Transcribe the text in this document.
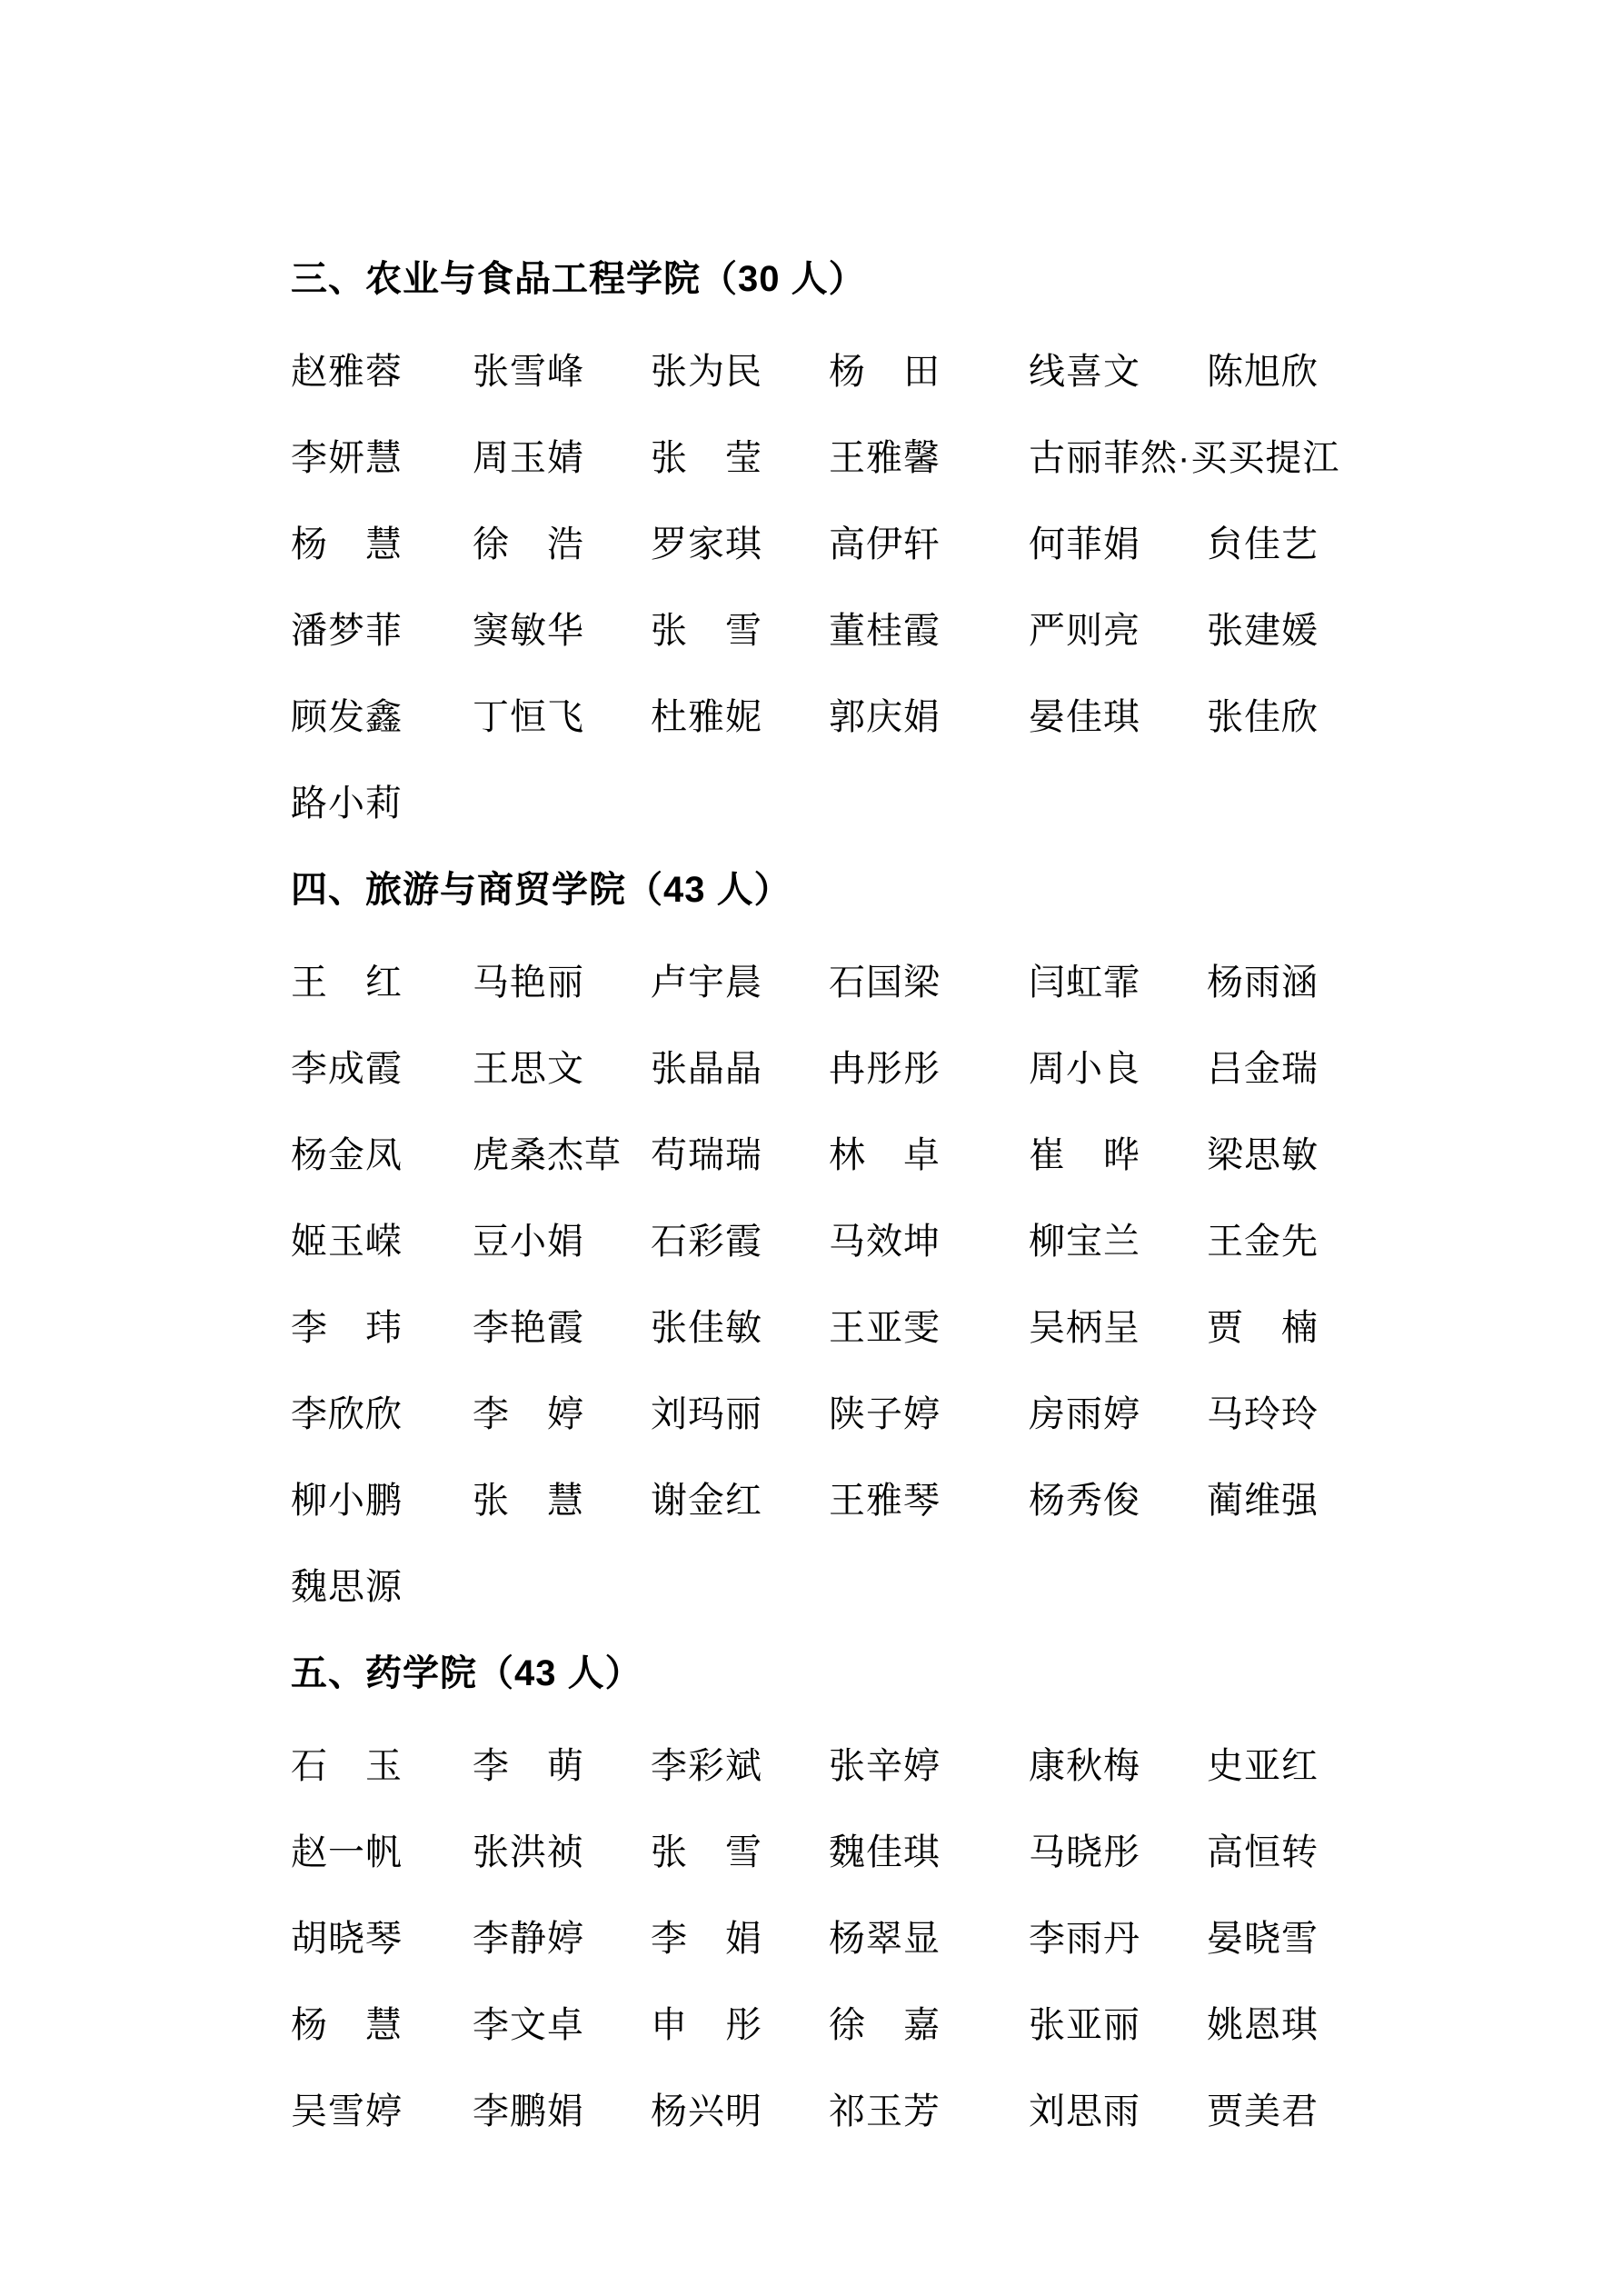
三、农业与食品工程学院（30 人）
赵雅蓉	张雪峰	张为民	杨　田	线喜文	陈旭欣
李妍慧	周玉婧	张　莹	王雅馨	古丽菲然·买买提江
杨　慧	徐　浩	罗家琪	高伊轩	何菲娟	贠佳艺
潘梦菲	窦敏华	张　雪	董桂霞	严则亮	张建媛
顾发鑫	丁恒飞	杜雅妮	郭庆娟	晏佳琪	张佳欣
路小莉
四、旅游与商贸学院（43 人）
王　红	马艳丽	卢宇晨	石国梁	闫虹霏	杨雨涵
李成霞	王思文	张晶晶	冉彤彤	周小良	吕金瑞
杨金凤	虎桑杰草 苟瑞瑞	林　卓	崔　晔	梁思敏
姬玉嵘	豆小娟	石彩霞	马效坤	柳宝兰	王金先
李　玮	李艳霞	张佳敏	王亚雯	吴柄呈	贾　楠
李欣欣	李　婷	刘玛丽	陕子婷	房雨婷	马玲玲
柳小鹏	张　慧	谢金红	王雅琴	杨秀俊	蔺维强
魏思源
五、药学院（43 人）
石　玉	李　萌	李彩斌	张辛婷	康秋梅	史亚红
赵一帆	张洪祯	张　雪	魏佳琪	马晓彤	高恒转
胡晓琴	李静婷	李　娟	杨翠显	李雨丹	晏晓雪
杨　慧	李文卓	申　彤	徐　嘉	张亚丽	姚恩琪
吴雪婷	李鹏娟	杨兴明	祁玉芳	刘思雨	贾美君
